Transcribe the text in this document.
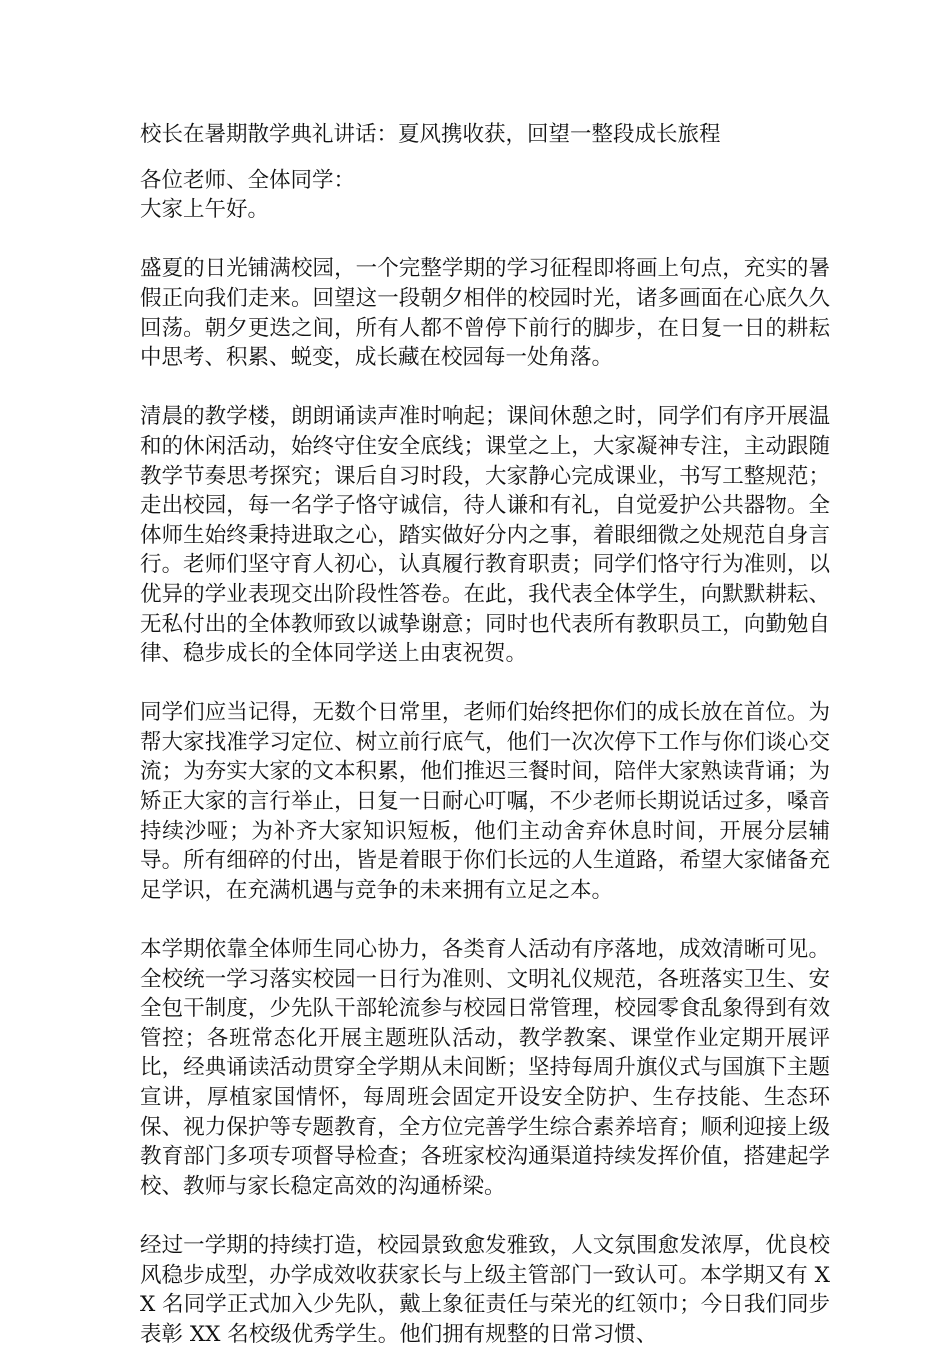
校长在暑期散学典礼讲话：夏风携收获，回望一整段成长旅程
各位老师、全体同学：
大家上午好。

盛夏的日光铺满校园，一个完整学期的学习征程即将画上句点，充实的暑假正向我们走来。回望这一段朝夕相伴的校园时光，诸多画面在心底久久回荡。朝夕更迭之间，所有人都不曾停下前行的脚步，在日复一日的耕耘中思考、积累、蜕变，成长藏在校园每一处角落。

清晨的教学楼，朗朗诵读声准时响起；课间休憩之时，同学们有序开展温和的休闲活动，始终守住安全底线；课堂之上，大家凝神专注，主动跟随教学节奏思考探究；课后自习时段，大家静心完成课业，书写工整规范；走出校园，每一名学子恪守诚信，待人谦和有礼，自觉爱护公共器物。全体师生始终秉持进取之心，踏实做好分内之事，着眼细微之处规范自身言行。老师们坚守育人初心，认真履行教育职责；同学们恪守行为准则，以优异的学业表现交出阶段性答卷。在此，我代表全体学生，向默默耕耘、无私付出的全体教师致以诚挚谢意；同时也代表所有教职员工，向勤勉自律、稳步成长的全体同学送上由衷祝贺。

同学们应当记得，无数个日常里，老师们始终把你们的成长放在首位。为帮大家找准学习定位、树立前行底气，他们一次次停下工作与你们谈心交流；为夯实大家的文本积累，他们推迟三餐时间，陪伴大家熟读背诵；为矫正大家的言行举止，日复一日耐心叮嘱，不少老师长期说话过多，嗓音持续沙哑；为补齐大家知识短板，他们主动舍弃休息时间，开展分层辅导。所有细碎的付出，皆是着眼于你们长远的人生道路，希望大家储备充足学识，在充满机遇与竞争的未来拥有立足之本。

本学期依靠全体师生同心协力，各类育人活动有序落地，成效清晰可见。全校统一学习落实校园一日行为准则、文明礼仪规范，各班落实卫生、安全包干制度，少先队干部轮流参与校园日常管理，校园零食乱象得到有效管控；各班常态化开展主题班队活动，教学教案、课堂作业定期开展评比，经典诵读活动贯穿全学期从未间断；坚持每周升旗仪式与国旗下主题宣讲，厚植家国情怀，每周班会固定开设安全防护、生存技能、生态环保、视力保护等专题教育，全方位完善学生综合素养培育；顺利迎接上级教育部门多项专项督导检查；各班家校沟通渠道持续发挥价值，搭建起学校、教师与家长稳定高效的沟通桥梁。

经过一学期的持续打造，校园景致愈发雅致，人文氛围愈发浓厚，优良校风稳步成型，办学成效收获家长与上级主管部门一致认可。本学期又有 XX 名同学正式加入少先队，戴上象征责任与荣光的红领巾；今日我们同步表彰 XX 名校级优秀学生。他们拥有规整的日常习惯、
